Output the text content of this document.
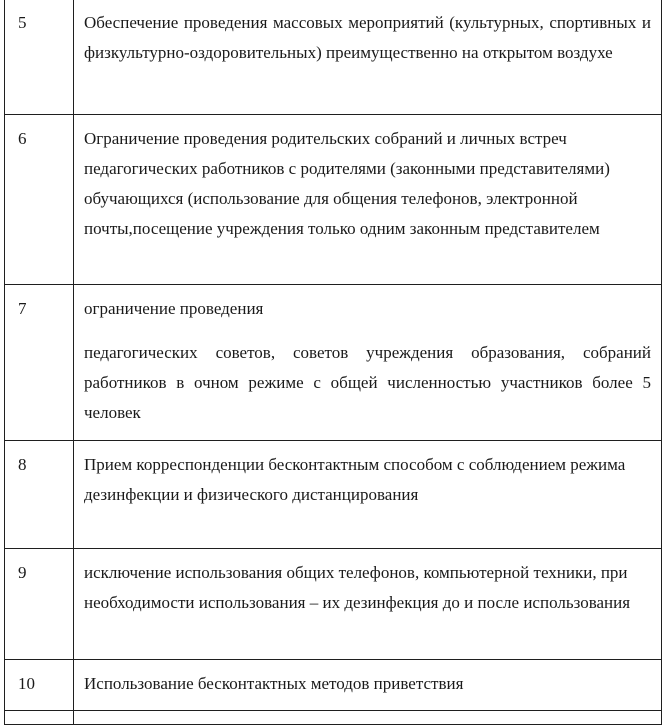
5	Обеспечение проведения массовых мероприятий (культурных, спортивных и физкультурно-оздоровительных) преимущественно на открытом воздухе

6	Ограничение проведения родительских собраний и личных встреч педагогических работников с родителями (законными представителями) обучающихся (использование для общения телефонов, электронной почты,посещение учреждения только одним законным представителем

7	ограничение проведения
педагогических советов, советов учреждения образования, собраний работников в очном режиме с общей численностью участников более 5 человек

8	Прием корреспонденции бесконтактным способом с соблюдением режима дезинфекции и физического дистанцирования

9	исключение использования общих телефонов, компьютерной техники, при необходимости использования – их дезинфекция до и после использования

10	Использование бесконтактных методов приветствия
